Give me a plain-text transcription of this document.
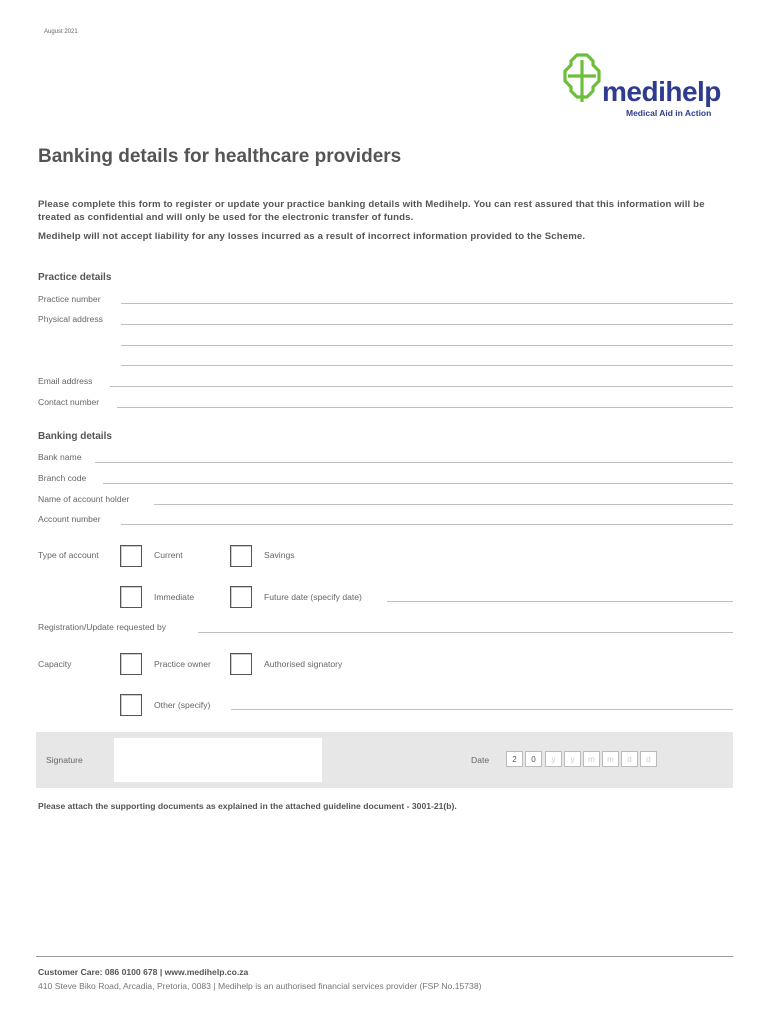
August 2021
medihelp
Medical Aid in Action
Banking details for healthcare providers
Please complete this form to register or update your practice banking details with Medihelp. You can rest assured that this information will be treated as confidential and will only be used for the electronic transfer of funds.
Medihelp will not accept liability for any losses incurred as a result of incorrect information provided to the Scheme.
Practice details
Practice number
Physical address
Email address
Contact number
Banking details
Bank name
Branch code
Name of account holder
Account number
Type of account	Current	Savings
Immediate	Future date (specify date)
Registration/Update requested by
Capacity	Practice owner	Authorised signatory
Other (specify)
Signature	Date	2	0	y	y	m	m	d	d
Please attach the supporting documents as explained in the attached guideline document - 3001-21(b).
Customer Care: 086 0100 678 | www.medihelp.co.za
410 Steve Biko Road, Arcadia, Pretoria, 0083 | Medihelp is an authorised financial services provider (FSP No.15738)
